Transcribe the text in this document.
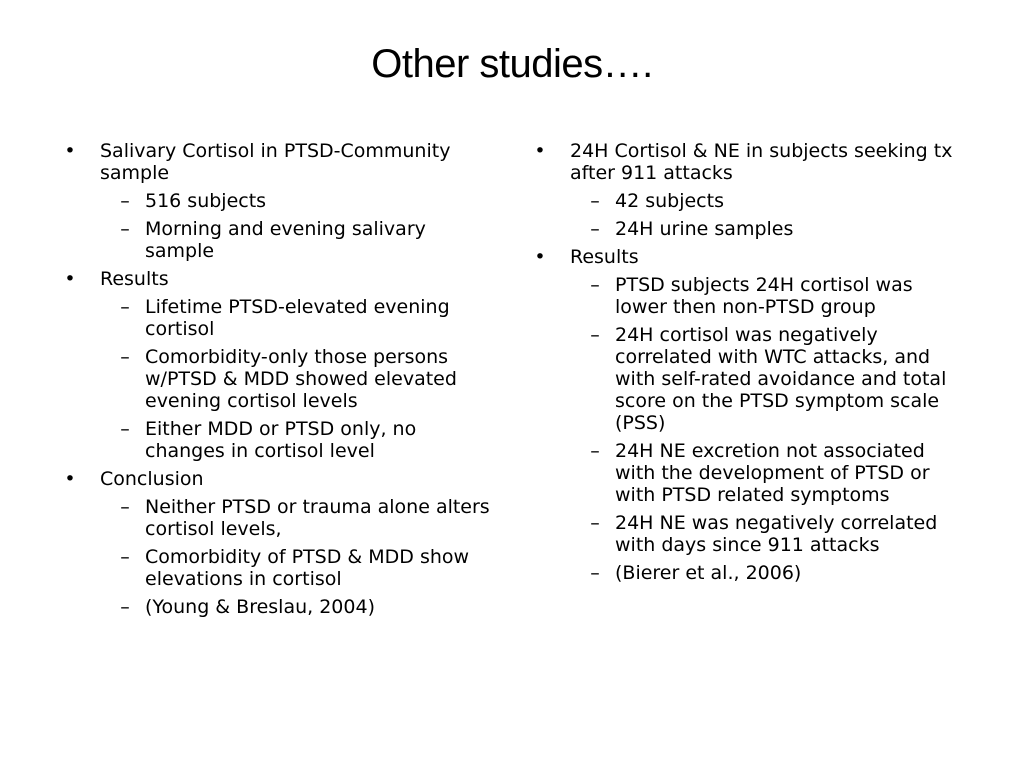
Other studies….
• Salivary Cortisol in PTSD-Community sample
– 516 subjects
– Morning and evening salivary sample
• Results
– Lifetime PTSD-elevated evening cortisol
– Comorbidity-only those persons w/PTSD & MDD showed elevated evening cortisol levels
– Either MDD or PTSD only, no changes in cortisol level
• Conclusion
– Neither PTSD or trauma alone alters cortisol levels,
– Comorbidity of PTSD & MDD show elevations in cortisol
– (Young & Breslau, 2004)
• 24H Cortisol & NE in subjects seeking tx after 911 attacks
– 42 subjects
– 24H urine samples
• Results
– PTSD subjects 24H cortisol was lower then non-PTSD group
– 24H cortisol was negatively correlated with WTC attacks, and with self-rated avoidance and total score on the PTSD symptom scale (PSS)
– 24H NE excretion not associated with the development of PTSD or with PTSD related symptoms
– 24H NE was negatively correlated with days since 911 attacks
– (Bierer et al., 2006)
